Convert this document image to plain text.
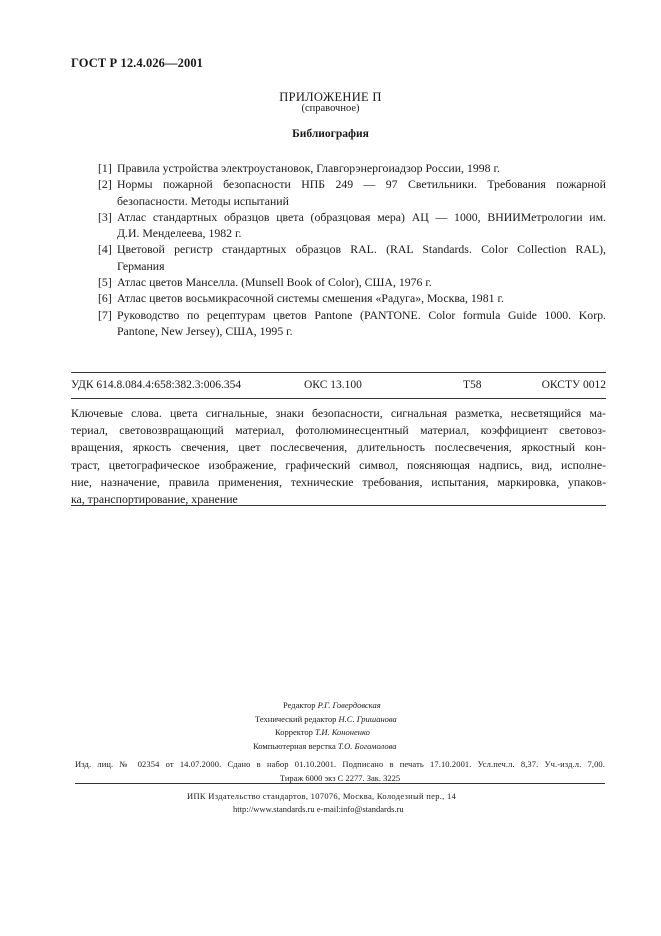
ГОСТ Р 12.4.026—2001
ПРИЛОЖЕНИЕ П
(справочное)
Библиография
[1] Правила устройства электроустановок, Главгорэнергоиадзор России, 1998 г.
[2] Нормы пожарной безопасности НПБ 249 — 97 Светильники. Требования пожарной
безопасности. Методы испытаний
[3] Атлас стандартных образцов цвета (образцовая мера) АЦ — 1000, ВНИИМетрологии им.
Д.И. Менделеева, 1982 г.
[4] Цветовой регистр стандартных образцов RAL. (RAL Standards. Color Collection RAL),
Германия
[5] Атлас цветов Манселла. (Munsell Book of Color), США, 1976 г.
[6] Атлас цветов восьмикрасочной системы смешения «Радуга», Москва, 1981 г.
[7] Руководство по рецептурам цветов Pantone (PANTONE. Color formula Guide 1000. Korp.
Pantone, New Jersey), США, 1995 г.
УДК 614.8.084.4:658:382.3:006.354	ОКС 13.100	Т58	ОКСТУ 0012
Ключевые слова. цвета сигнальные, знаки безопасности, сигнальная разметка, несветящийся ма-
териал, световозвращающий материал, фотолюминесцентный материал, коэффициент световоз-
вращения, яркость свечения, цвет послесвечения, длительность послесвечения, яркостный кон-
траст, цветографическое изображение, графический символ, поясняющая надпись, вид, исполне-
ние, назначение, правила применения, технические требования, испытания, маркировка, упаков-
ка, транспортирование, хранение
Редактор Р.Г. Говердовская
Технический редактор Н.С. Гришанова
Корректор Т.И. Кононенко
Компьютерная верстка Т.О. Богомолова
Изд. лиц. № 02354 от 14.07.2000. Сдано в набор 01.10.2001. Подписано в печать 17.10.2001. Усл.печ.л. 8,37. Уч.-изд.л. 7,00.
Тираж 6000 экз С 2277. Зак. 3225
ИПК Издательство стандартов, 107076, Москва, Колодезный пер., 14
http://www.standards.ru e-mail:info@standards.ru
